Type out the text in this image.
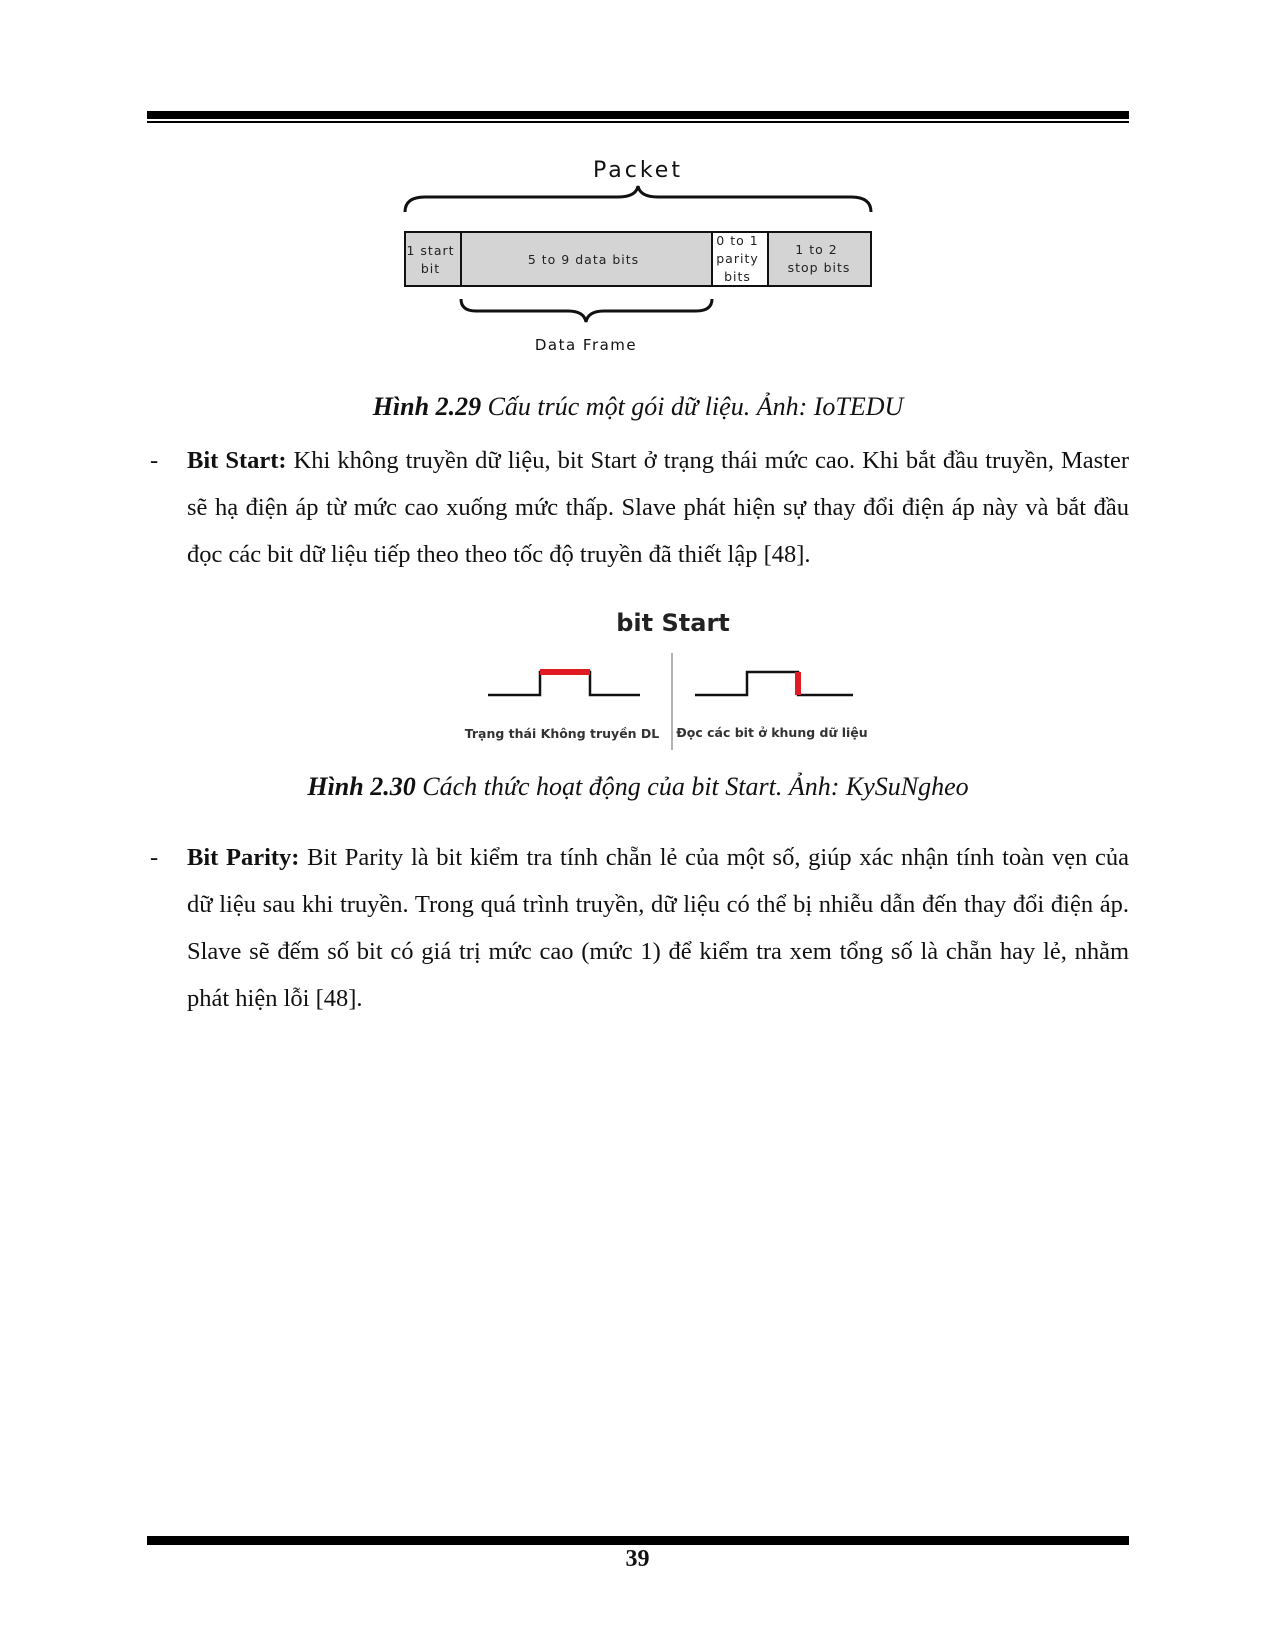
Packet
1 start bit 5 to 9 data bits 0 to 1 parity bits 1 to 2 stop bits
Data Frame
Hình 2.29 Cấu trúc một gói dữ liệu. Ảnh: IoTEDU
- Bit Start: Khi không truyền dữ liệu, bit Start ở trạng thái mức cao. Khi bắt đầu truyền, Master sẽ hạ điện áp từ mức cao xuống mức thấp. Slave phát hiện sự thay đổi điện áp này và bắt đầu đọc các bit dữ liệu tiếp theo theo tốc độ truyền đã thiết lập [48].
bit Start
Trạng thái Không truyền DL Đọc các bit ở khung dữ liệu
Hình 2.30 Cách thức hoạt động của bit Start. Ảnh: KySuNgheo
- Bit Parity: Bit Parity là bit kiểm tra tính chẵn lẻ của một số, giúp xác nhận tính toàn vẹn của dữ liệu sau khi truyền. Trong quá trình truyền, dữ liệu có thể bị nhiễu dẫn đến thay đổi điện áp. Slave sẽ đếm số bit có giá trị mức cao (mức 1) để kiểm tra xem tổng số là chẵn hay lẻ, nhằm phát hiện lỗi [48].
39
